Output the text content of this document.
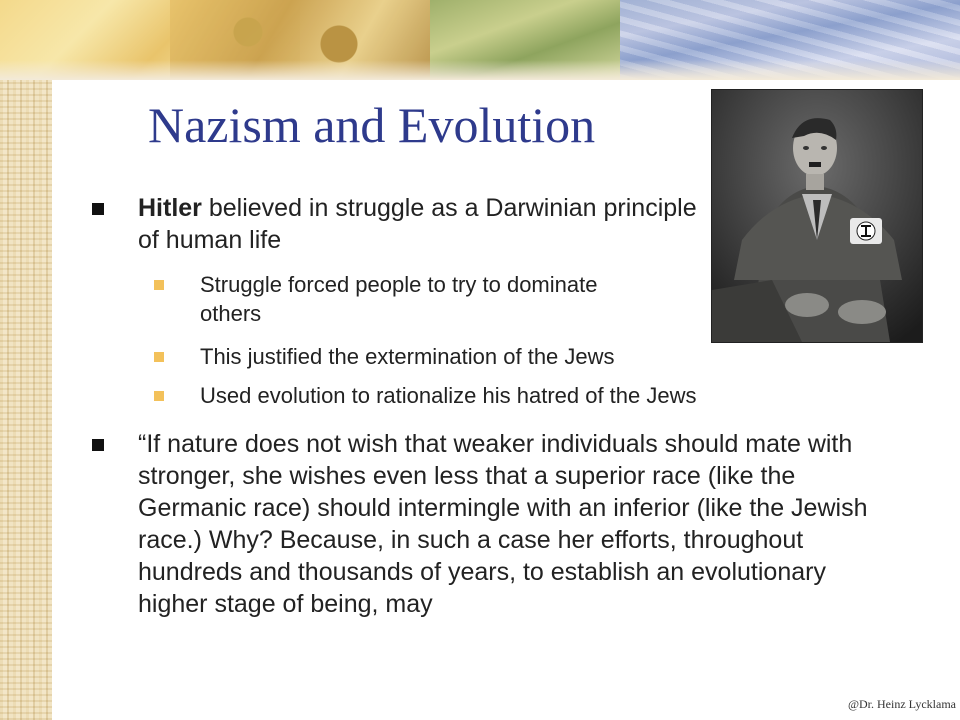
Nazism and Evolution
Hitler believed in struggle as a Darwinian principle of human life
Struggle forced people to try to dominate others
This justified the extermination of the Jews
Used evolution to rationalize his hatred of the Jews
“If nature does not wish that weaker individuals should mate with stronger, she wishes even less that a superior race (like the Germanic race) should intermingle with an inferior (like the Jewish race.) Why? Because, in such a case her efforts, throughout hundreds and thousands of years, to establish an evolutionary higher stage of being, may
@Dr. Heinz Lycklama
